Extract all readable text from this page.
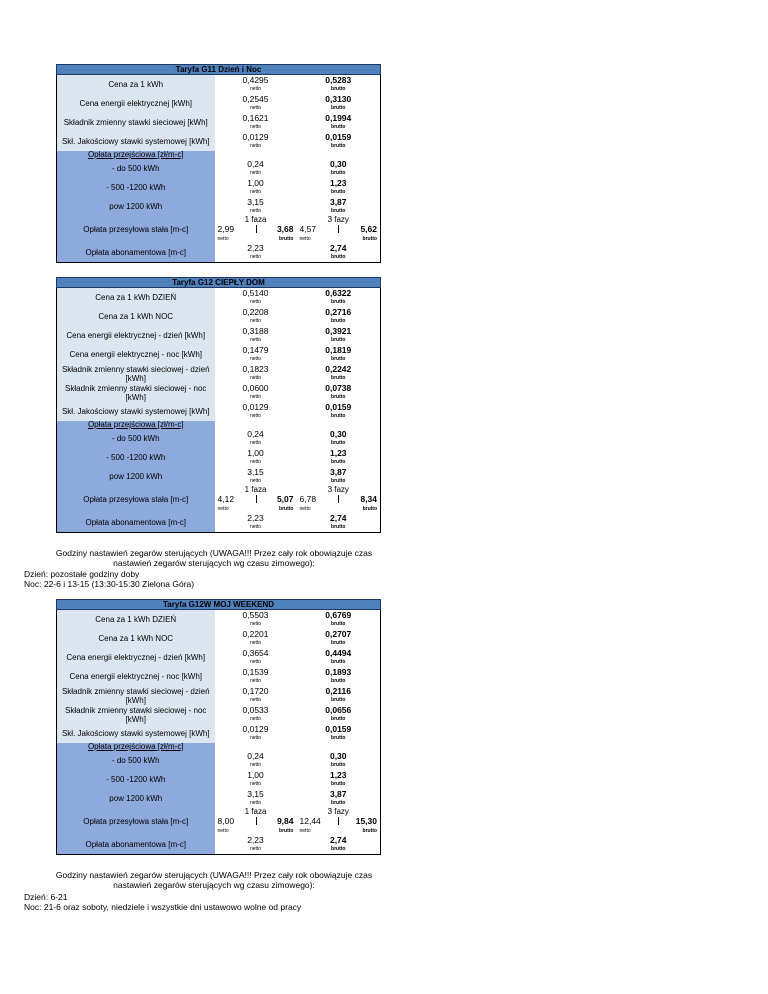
Taryfa G11 Dzień i Noc		
Cena za 1 kWh	0,4295	0,5283
	netto	brutto
Cena energii elektrycznej [kWh]	0,2545	0,3130
	netto	brutto
Składnik zmienny stawki sieciowej [kWh]	0,1621	0,1994
	netto	brutto
Skł. Jakościowy stawki systemowej [kWh]	0,0129	0,0159
	netto	brutto
Opłata przejściowa [zł/m-c]		
- do 500 kWh	0,24	0,30
	netto	brutto
- 500 -1200 kWh	1,00	1,23
	netto	brutto
pow 1200 kWh	3,15	3,87
	netto	brutto
Opłata przesyłowa stała [m-c]	1 faza	3 fazy

	2,99 3,68	4,57 5,62

	netto brutto	netto brutto

Opłata abonamentowa [m-c]	2,23	2,74
	netto	brutto
Taryfa G12 CIEPŁY DOM		
Cena za 1 kWh DZIEŃ	0,5140	0,6322
	netto	brutto
Cena za 1 kWh NOC	0,2208	0,2716
	netto	brutto
Cena energii elektrycznej - dzień [kWh]	0,3188	0,3921
	netto	brutto
Cena energii elektrycznej - noc [kWh]	0,1479	0,1819
	netto	brutto
Składnik zmienny stawki sieciowej - dzień [kWh]	0,1823	0,2242
	netto	brutto
Składnik zmienny stawki sieciowej - noc [kWh]	0,0600	0,0738
	netto	brutto
Skł. Jakościowy stawki systemowej [kWh]	0,0129	0,0159
	netto	brutto
Opłata przejściowa [zł/m-c]		
- do 500 kWh	0,24	0,30
	netto	brutto
- 500 -1200 kWh	1,00	1,23
	netto	brutto
pow 1200 kWh	3,15	3,87
	netto	brutto
Opłata przesyłowa stała [m-c]	1 faza	3 fazy

	4,12 5,07	6,78 8,34

	netto brutto	netto brutto

Opłata abonamentowa [m-c]	2,23	2,74
	netto	brutto
Godziny nastawień zegarów sterujących (UWAGA!!! Przez cały rok obowiązuje czas
nastawień zegarów sterujących wg czasu zimowego):
Dzień: pozostałe godziny doby
Noc: 22-6 i 13-15 (13:30-15:30 Zielona Góra)
Taryfa G12W MOJ WEEKEND		
Cena za 1 kWh DZIEŃ	0,5503	0,6769
	netto	brutto
Cena za 1 kWh NOC	0,2201	0,2707
	netto	brutto
Cena energii elektrycznej - dzień [kWh]	0,3654	0,4494
	netto	brutto
Cena energii elektrycznej - noc [kWh]	0,1539	0,1893
	netto	brutto
Składnik zmienny stawki sieciowej - dzień [kWh]	0,1720	0,2116
	netto	brutto
Składnik zmienny stawki sieciowej - noc [kWh]	0,0533	0,0656
	netto	brutto
Skł. Jakościowy stawki systemowej [kWh]	0,0129	0,0159
	netto	brutto
Opłata przejściowa [zł/m-c]		
- do 500 kWh	0,24	0,30
	netto	brutto
- 500 -1200 kWh	1,00	1,23
	netto	brutto
pow 1200 kWh	3,15	3,87
	netto	brutto
Opłata przesyłowa stała [m-c]	1 faza	3 fazy

	8,00 9,84	12,44 15,30

	netto brutto	netto brutto

Opłata abonamentowa [m-c]	2,23	2,74
	netto	brutto
Godziny nastawień zegarów sterujących (UWAGA!!! Przez cały rok obowiązuje czas
nastawień zegarów sterujących wg czasu zimowego):
Dzień: 6-21
Noc: 21-6 oraz soboty, niedziele i wszystkie dni ustawowo wolne od pracy
